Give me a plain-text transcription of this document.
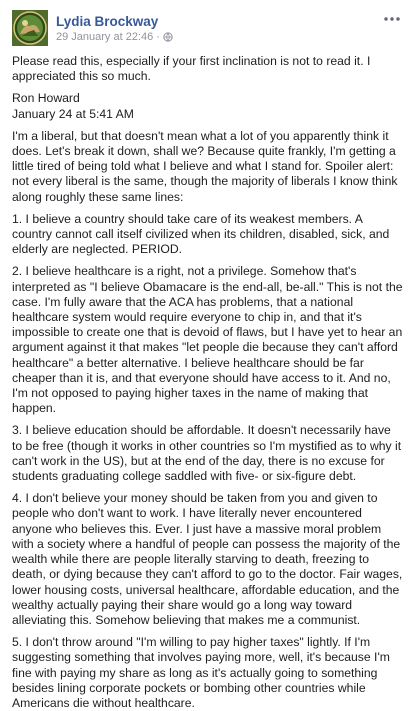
Lydia Brockway
29 January at 22:46 ·

Please read this, especially if your first inclination is not to read it. I appreciated this so much.

Ron Howard

January 24 at 5:41 AM

I'm a liberal, but that doesn't mean what a lot of you apparently think it does. Let's break it down, shall we? Because quite frankly, I'm getting a little tired of being told what I believe and what I stand for. Spoiler alert: not every liberal is the same, though the majority of liberals I know think along roughly these same lines:

1. I believe a country should take care of its weakest members. A country cannot call itself civilized when its children, disabled, sick, and elderly are neglected. PERIOD.

2. I believe healthcare is a right, not a privilege. Somehow that's interpreted as "I believe Obamacare is the end-all, be-all." This is not the case. I'm fully aware that the ACA has problems, that a national healthcare system would require everyone to chip in, and that it's impossible to create one that is devoid of flaws, but I have yet to hear an argument against it that makes "let people die because they can't afford healthcare" a better alternative. I believe healthcare should be far cheaper than it is, and that everyone should have access to it. And no, I'm not opposed to paying higher taxes in the name of making that happen.

3. I believe education should be affordable. It doesn't necessarily have to be free (though it works in other countries so I'm mystified as to why it can't work in the US), but at the end of the day, there is no excuse for students graduating college saddled with five- or six-figure debt.

4. I don't believe your money should be taken from you and given to people who don't want to work. I have literally never encountered anyone who believes this. Ever. I just have a massive moral problem with a society where a handful of people can possess the majority of the wealth while there are people literally starving to death, freezing to death, or dying because they can't afford to go to the doctor. Fair wages, lower housing costs, universal healthcare, affordable education, and the wealthy actually paying their share would go a long way toward alleviating this. Somehow believing that makes me a communist.

5. I don't throw around "I'm willing to pay higher taxes" lightly. If I'm suggesting something that involves paying more, well, it's because I'm fine with paying my share as long as it's actually going to something besides lining corporate pockets or bombing other countries while Americans die without healthcare.
